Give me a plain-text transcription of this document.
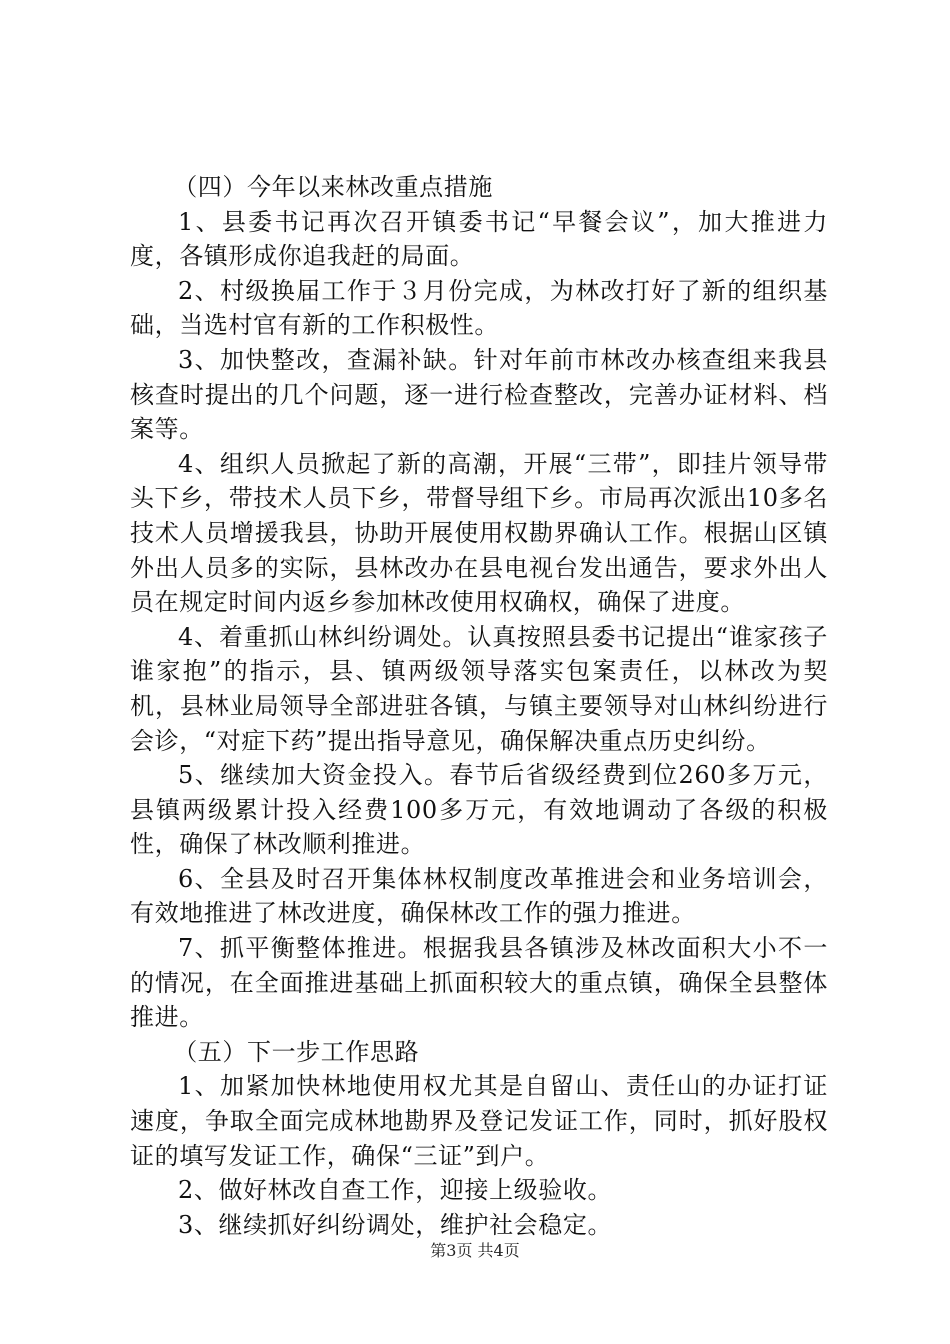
（四）今年以来林改重点措施

1、县委书记再次召开镇委书记“早餐会议”，加大推进力度，各镇形成你追我赶的局面。

2、村级换届工作于３月份完成，为林改打好了新的组织基础，当选村官有新的工作积极性。

3、加快整改，查漏补缺。针对年前市林改办核查组来我县核查时提出的几个问题，逐一进行检查整改，完善办证材料、档案等。

4、组织人员掀起了新的高潮，开展“三带”，即挂片领导带头下乡，带技术人员下乡，带督导组下乡。市局再次派出10多名技术人员增援我县，协助开展使用权勘界确认工作。根据山区镇外出人员多的实际，县林改办在县电视台发出通告，要求外出人员在规定时间内返乡参加林改使用权确权，确保了进度。

4、着重抓山林纠纷调处。认真按照县委书记提出“谁家孩子谁家抱”的指示，县、镇两级领导落实包案责任，以林改为契机，县林业局领导全部进驻各镇，与镇主要领导对山林纠纷进行会诊，“对症下药”提出指导意见，确保解决重点历史纠纷。

5、继续加大资金投入。春节后省级经费到位260多万元，县镇两级累计投入经费100多万元，有效地调动了各级的积极性，确保了林改顺利推进。

6、全县及时召开集体林权制度改革推进会和业务培训会，有效地推进了林改进度，确保林改工作的强力推进。

7、抓平衡整体推进。根据我县各镇涉及林改面积大小不一的情况，在全面推进基础上抓面积较大的重点镇，确保全县整体推进。

（五）下一步工作思路

1、加紧加快林地使用权尤其是自留山、责任山的办证打证速度，争取全面完成林地勘界及登记发证工作，同时，抓好股权证的填写发证工作，确保“三证”到户。

2、做好林改自查工作，迎接上级验收。

3、继续抓好纠纷调处，维护社会稳定。

第3页 共4页
